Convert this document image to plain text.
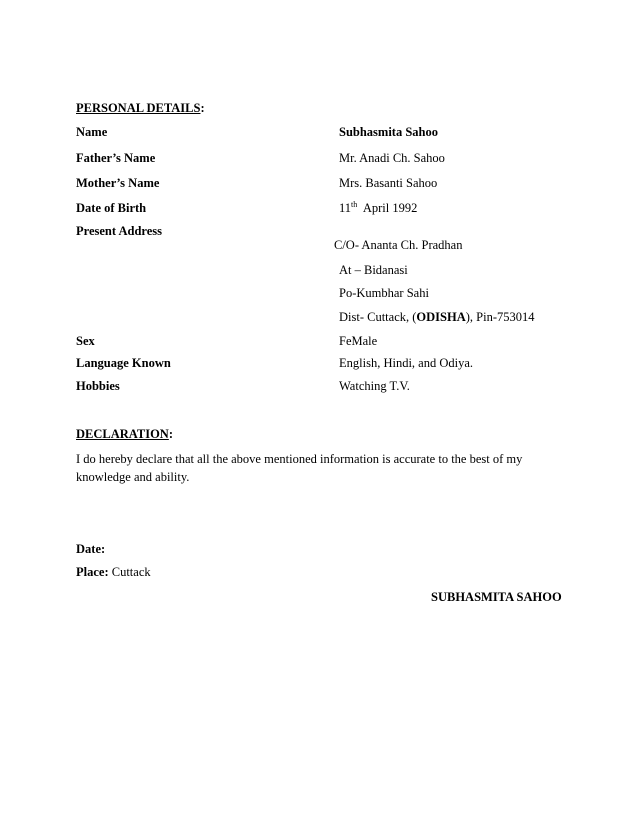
PERSONAL DETAILS:
Name	Subhasmita Sahoo
Father’s Name	Mr. Anadi Ch. Sahoo
Mother’s Name	Mrs. Basanti Sahoo
Date of Birth	11th April 1992
Present Address
C/O- Ananta Ch. Pradhan
At – Bidanasi
Po-Kumbhar Sahi
Dist- Cuttack, (ODISHA), Pin-753014
Sex	FeMale
Language Known	English, Hindi, and Odiya.
Hobbies	Watching T.V.
DECLARATION:
I do hereby declare that all the above mentioned information is accurate to the best of my knowledge and ability.
Date:
Place: Cuttack
SUBHASMITA SAHOO
